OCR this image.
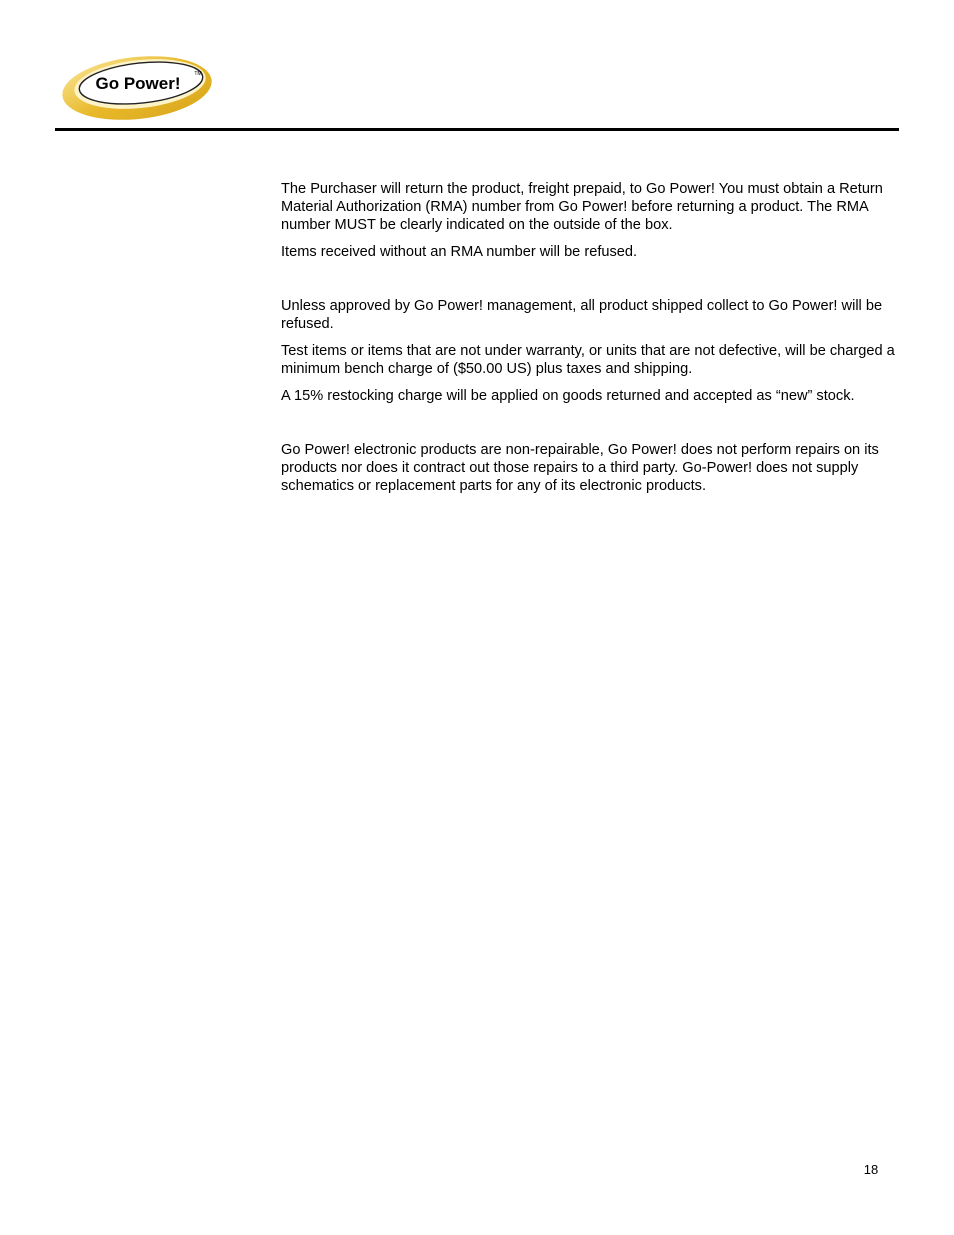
Go Power!	TM

The Purchaser will return the product, freight prepaid, to Go Power! You must obtain a Return Material Authorization (RMA) number from Go Power! before returning a product. The RMA number MUST be clearly indicated on the outside of the box.

Items received without an RMA number will be refused.

Unless approved by Go Power! management, all product shipped collect to Go Power! will be refused.

Test items or items that are not under warranty, or units that are not defective, will be charged a minimum bench charge of ($50.00 US) plus taxes and shipping.

A 15% restocking charge will be applied on goods returned and accepted as “new” stock.

Go Power! electronic products are non-repairable, Go Power! does not perform repairs on its products nor does it contract out those repairs to a third party. Go-Power! does not supply schematics or replacement parts for any of its electronic products.

18
